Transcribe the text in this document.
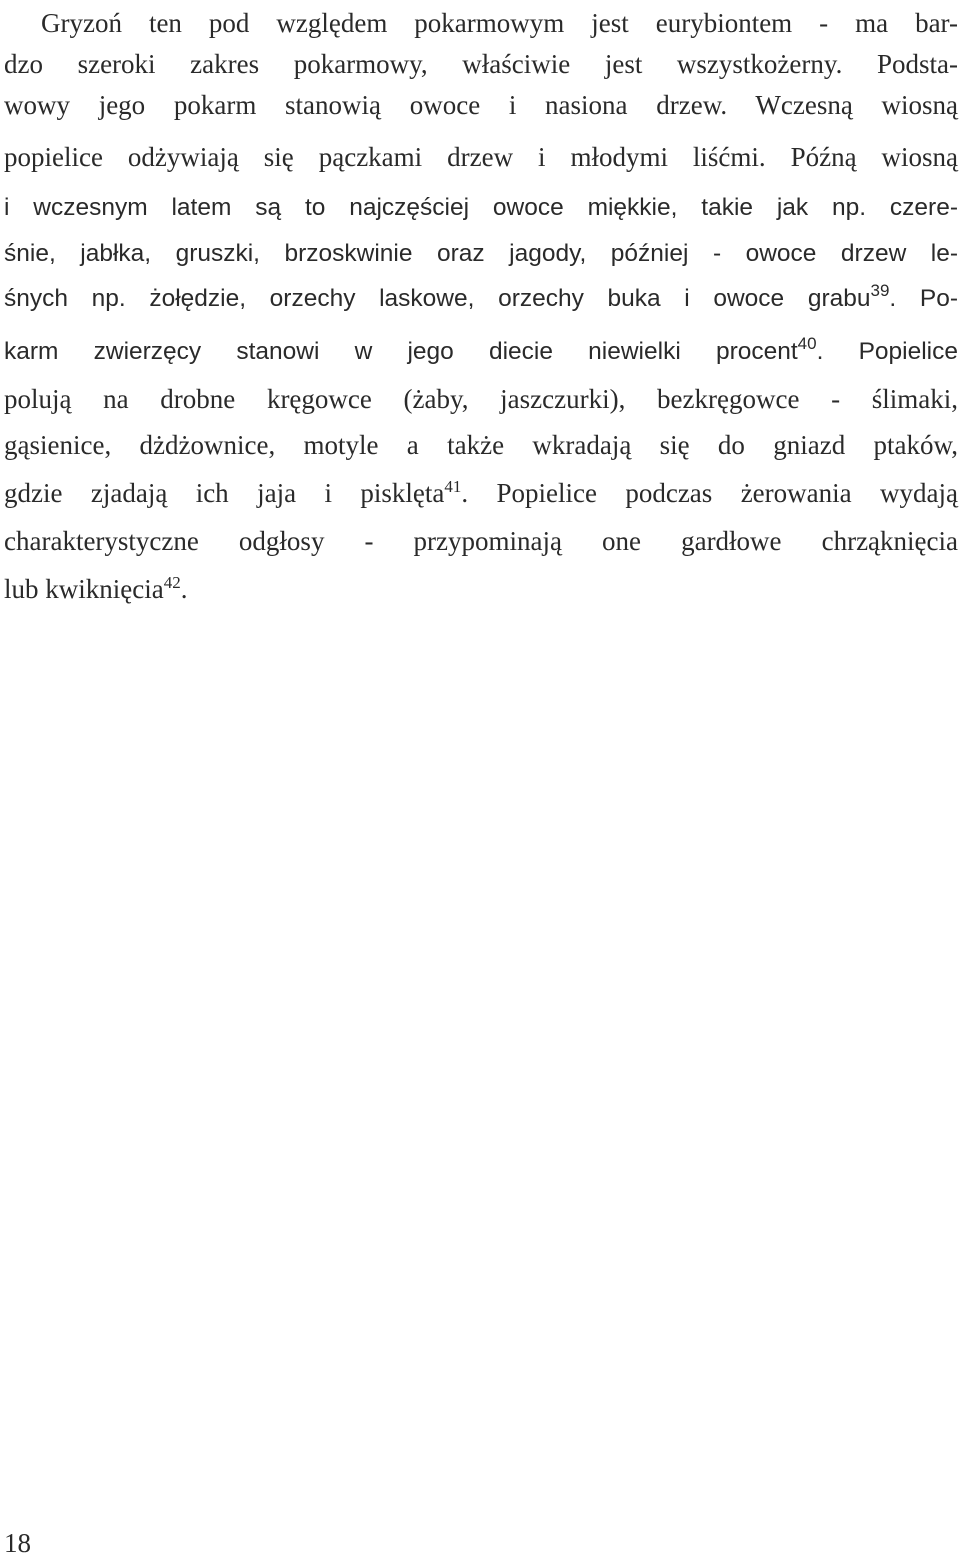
Gryzoń ten pod względem pokarmowym jest eurybiontem - ma bar-
dzo szeroki zakres pokarmowy, właściwie jest wszystkożerny. Podsta-
wowy jego pokarm stanowią owoce i nasiona drzew. Wczesną wiosną
popielice odżywiają się pączkami drzew i młodymi liśćmi. Późną wiosną
i wczesnym latem są to najczęściej owoce miękkie, takie jak np. czere-
śnie, jabłka, gruszki, brzoskwinie oraz jagody, później - owoce drzew le-
śnych np. żołędzie, orzechy laskowe, orzechy buka i owoce grabu$^{39}$. Po-
karm zwierzęcy stanowi w jego diecie niewielki procent$^{40}$. Popielice
polują na drobne kręgowce (żaby, jaszczurki), bezkręgowce - ślimaki,
gąsienice, dżdżownice, motyle a także wkradają się do gniazd ptaków,
gdzie zjadają ich jaja i pisklęta$^{41}$. Popielice podczas żerowania wydają
charakterystyczne odgłosy - przypominają one gardłowe chrząknięcia
lub kwiknięcia$^{42}$.
18
